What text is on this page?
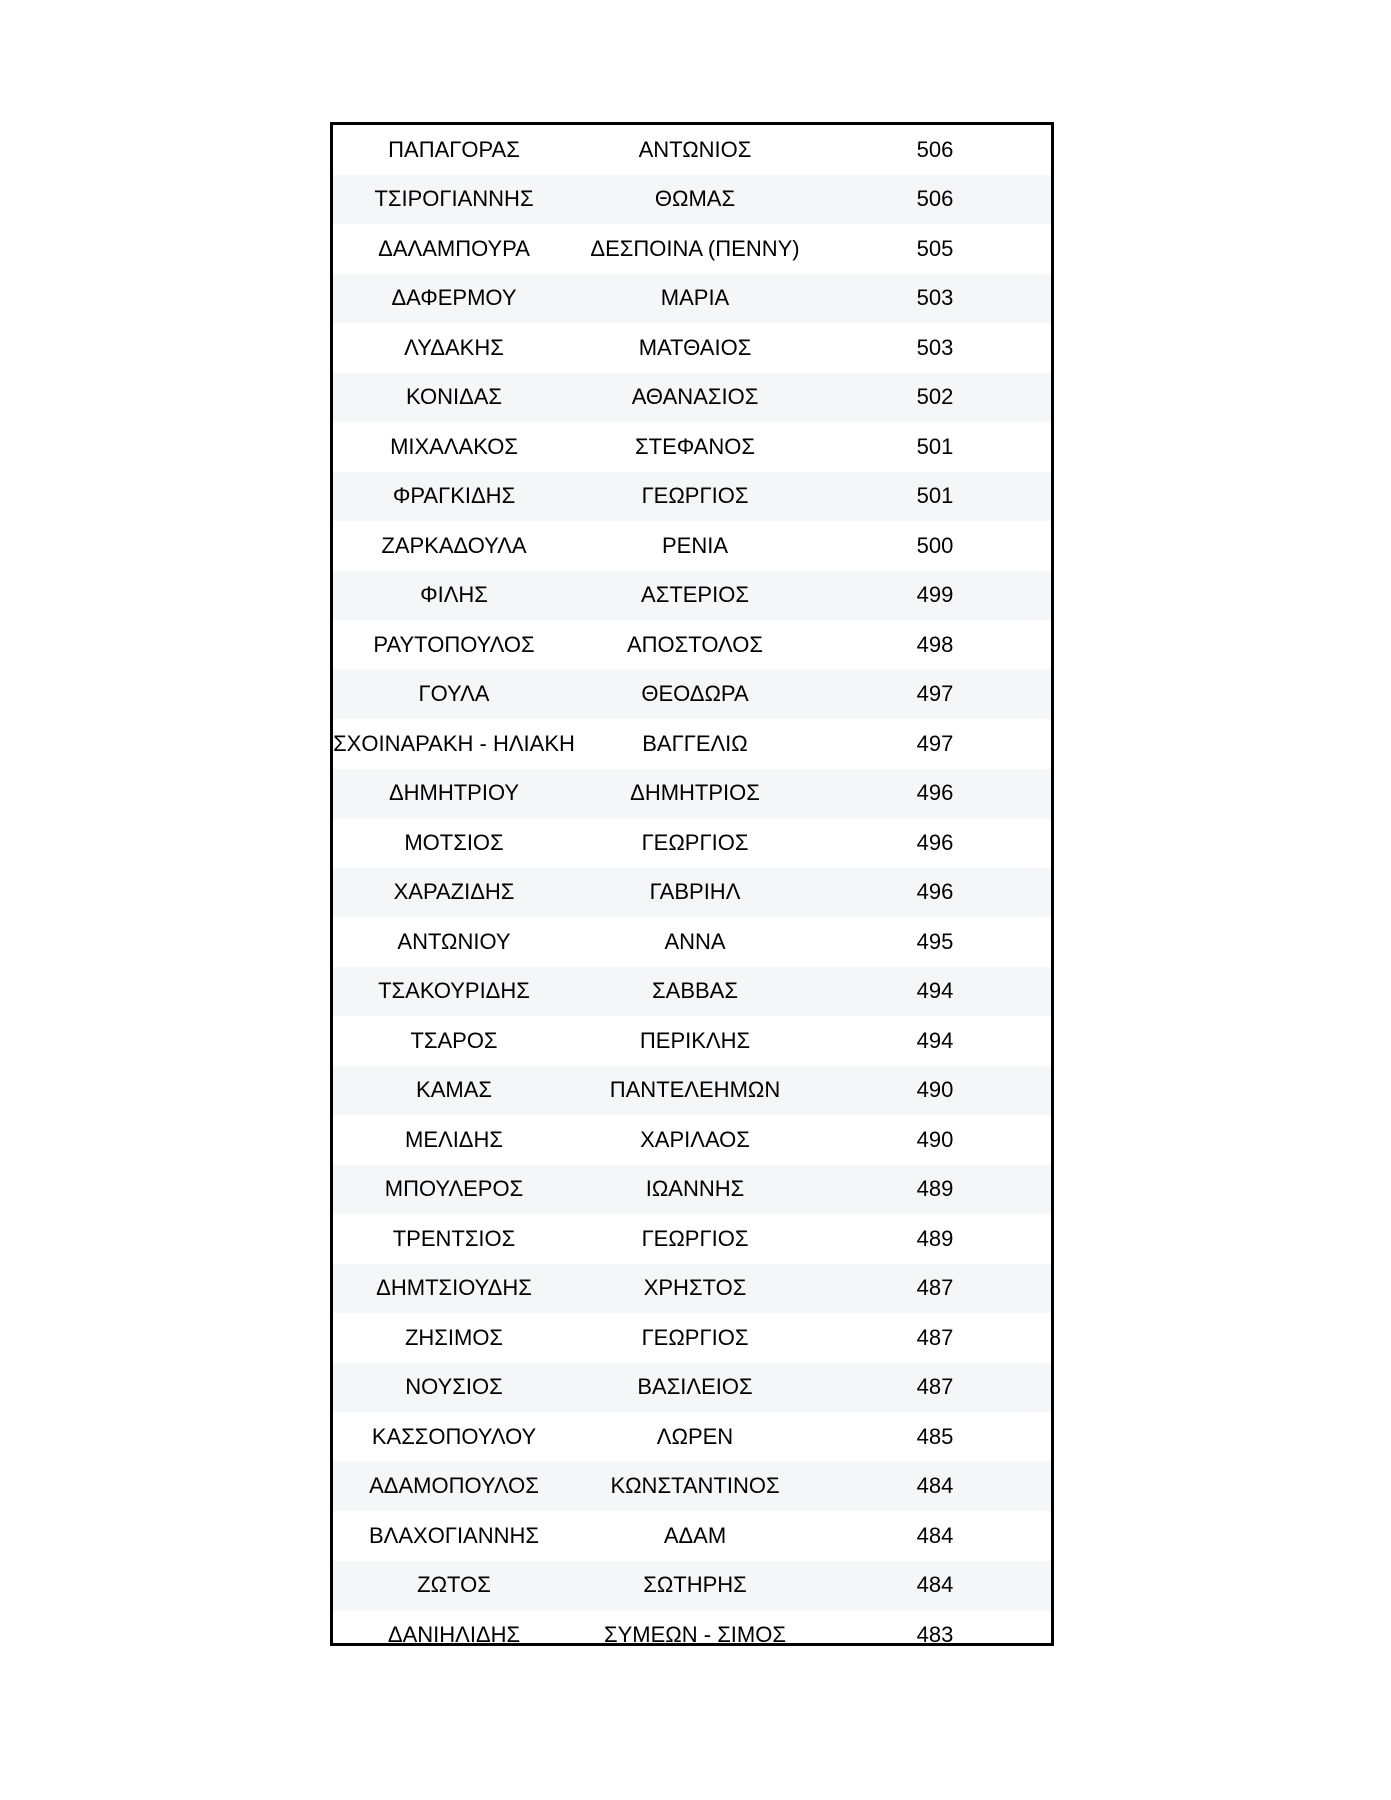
ΠΑΠΑΓΟΡΑΣ	ΑΝΤΩΝΙΟΣ	506
ΤΣΙΡΟΓΙΑΝΝΗΣ	ΘΩΜΑΣ	506
ΔΑΛΑΜΠΟΥΡΑ	ΔΕΣΠΟΙΝΑ (ΠΕΝΝΥ)	505
ΔΑΦΕΡΜΟΥ	ΜΑΡΙΑ	503
ΛΥΔΑΚΗΣ	ΜΑΤΘΑΙΟΣ	503
ΚΟΝΙΔΑΣ	ΑΘΑΝΑΣΙΟΣ	502
ΜΙΧΑΛΑΚΟΣ	ΣΤΕΦΑΝΟΣ	501
ΦΡΑΓΚΙΔΗΣ	ΓΕΩΡΓΙΟΣ	501
ΖΑΡΚΑΔΟΥΛΑ	ΡΕΝΙΑ	500
ΦΙΛΗΣ	ΑΣΤΕΡΙΟΣ	499
ΡΑΥΤΟΠΟΥΛΟΣ	ΑΠΟΣΤΟΛΟΣ	498
ΓΟΥΛΑ	ΘΕΟΔΩΡΑ	497
ΣΧΟΙΝΑΡΑΚΗ - ΗΛΙΑΚΗ	ΒΑΓΓΕΛΙΩ	497
ΔΗΜΗΤΡΙΟΥ	ΔΗΜΗΤΡΙΟΣ	496
ΜΟΤΣΙΟΣ	ΓΕΩΡΓΙΟΣ	496
ΧΑΡΑΖΙΔΗΣ	ΓΑΒΡΙΗΛ	496
ΑΝΤΩΝΙΟΥ	ΑΝΝΑ	495
ΤΣΑΚΟΥΡΙΔΗΣ	ΣΑΒΒΑΣ	494
ΤΣΑΡΟΣ	ΠΕΡΙΚΛΗΣ	494
ΚΑΜΑΣ	ΠΑΝΤΕΛΕΗΜΩΝ	490
ΜΕΛΙΔΗΣ	ΧΑΡΙΛΑΟΣ	490
ΜΠΟΥΛΕΡΟΣ	ΙΩΑΝΝΗΣ	489
ΤΡΕΝΤΣΙΟΣ	ΓΕΩΡΓΙΟΣ	489
ΔΗΜΤΣΙΟΥΔΗΣ	ΧΡΗΣΤΟΣ	487
ΖΗΣΙΜΟΣ	ΓΕΩΡΓΙΟΣ	487
ΝΟΥΣΙΟΣ	ΒΑΣΙΛΕΙΟΣ	487
ΚΑΣΣΟΠΟΥΛΟΥ	ΛΩΡΕΝ	485
ΑΔΑΜΟΠΟΥΛΟΣ	ΚΩΝΣΤΑΝΤΙΝΟΣ	484
ΒΛΑΧΟΓΙΑΝΝΗΣ	ΑΔΑΜ	484
ΖΩΤΟΣ	ΣΩΤΗΡΗΣ	484
ΔΑΝΙΗΛΙΔΗΣ	ΣΥΜΕΩΝ - ΣΙΜΟΣ	483
